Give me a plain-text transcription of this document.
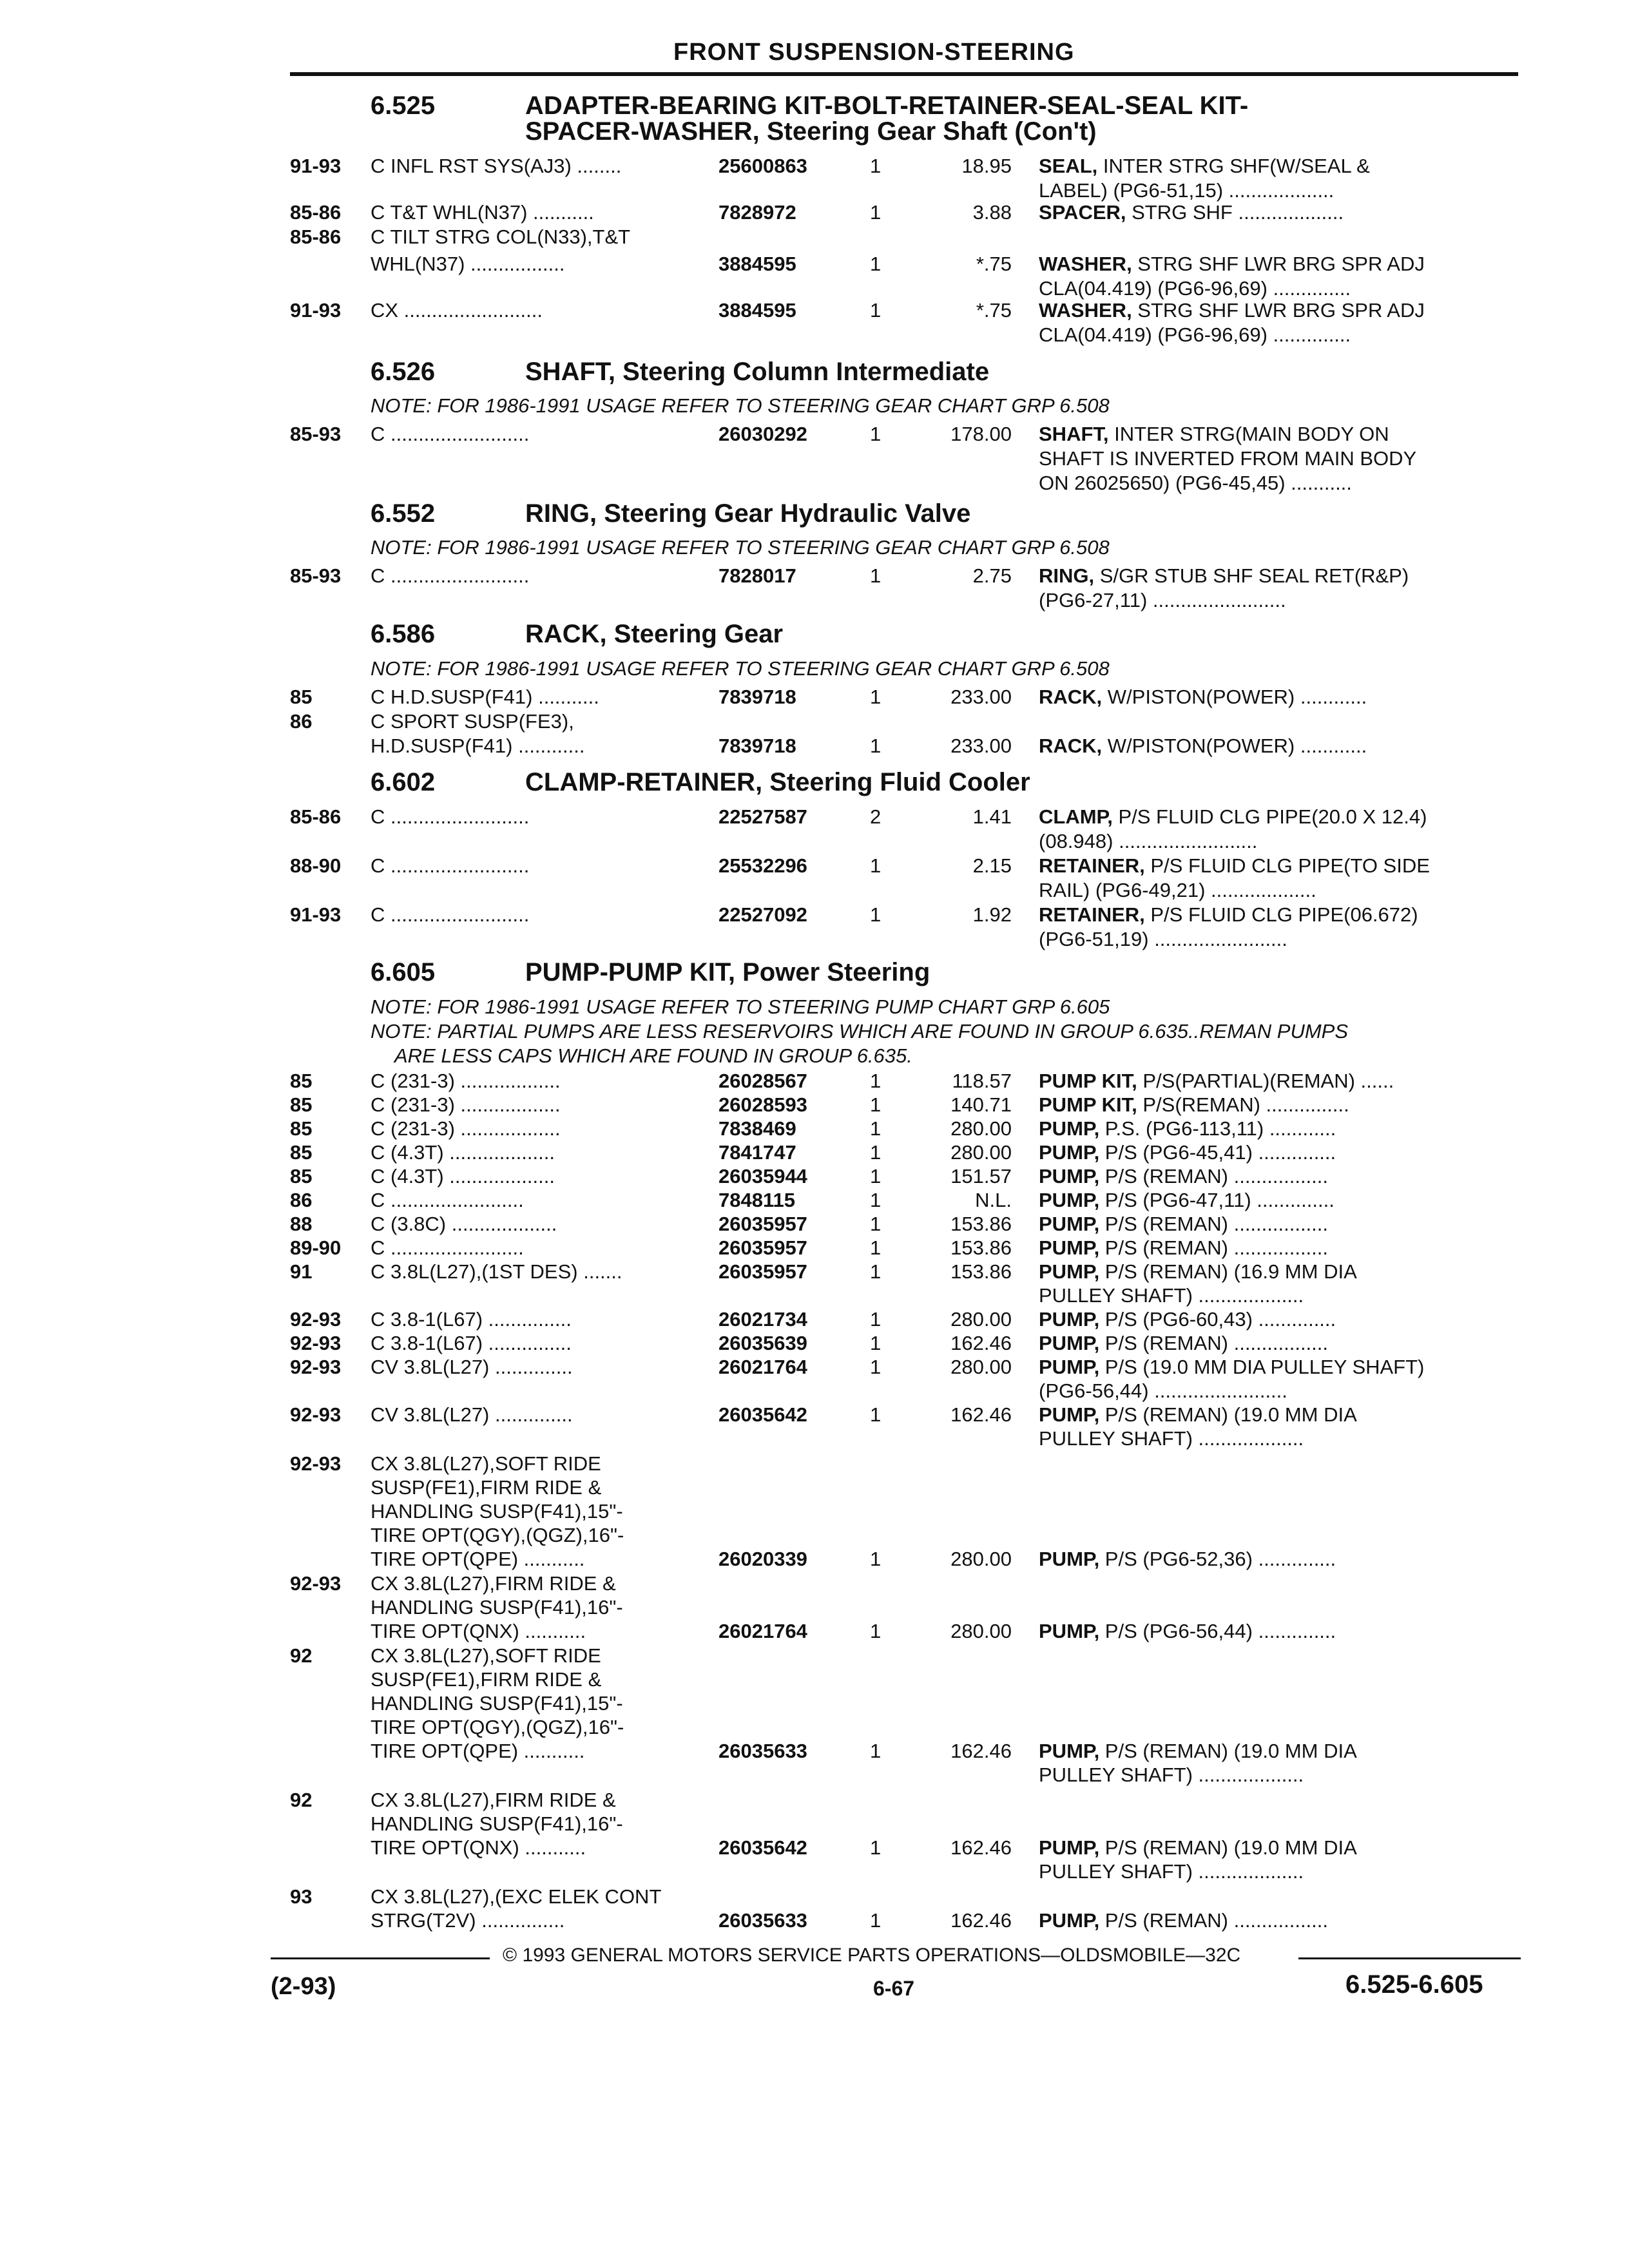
FRONT SUSPENSION-STEERING
6.525	ADAPTER-BEARING KIT-BOLT-RETAINER-SEAL-SEAL KIT-
SPACER-WASHER, Steering Gear Shaft (Con't)
6.526	SHAFT, Steering Column Intermediate
NOTE: FOR 1986-1991 USAGE REFER TO STEERING GEAR CHART GRP 6.508
6.552	RING, Steering Gear Hydraulic Valve
NOTE: FOR 1986-1991 USAGE REFER TO STEERING GEAR CHART GRP 6.508
6.586	RACK, Steering Gear
NOTE: FOR 1986-1991 USAGE REFER TO STEERING GEAR CHART GRP 6.508
6.602	CLAMP-RETAINER, Steering Fluid Cooler
6.605	PUMP-PUMP KIT, Power Steering
NOTE: FOR 1986-1991 USAGE REFER TO STEERING PUMP CHART GRP 6.605
NOTE: PARTIAL PUMPS ARE LESS RESERVOIRS WHICH ARE FOUND IN GROUP 6.635..REMAN PUMPS
ARE LESS CAPS WHICH ARE FOUND IN GROUP 6.635.
91-93 C INFL RST SYS(AJ3) ........	25600863	1	18.95 SEAL, INTER STRG SHF(W/SEAL &
LABEL) (PG6-51,15) ...................
85-86 C T&T WHL(N37) ...........	7828972	1	3.88 SPACER, STRG SHF ...................
85-86 C TILT STRG COL(N33),T&T
WHL(N37) .................	3884595	1	*.75 WASHER, STRG SHF LWR BRG SPR ADJ
CLA(04.419) (PG6-96,69) ..............
91-93 CX .........................	3884595	1	*.75 WASHER, STRG SHF LWR BRG SPR ADJ
CLA(04.419) (PG6-96,69) ..............
85-93 C .........................	26030292	1	178.00 SHAFT, INTER STRG(MAIN BODY ON
SHAFT IS INVERTED FROM MAIN BODY
ON 26025650) (PG6-45,45) ...........
85-93 C .........................	7828017	1	2.75 RING, S/GR STUB SHF SEAL RET(R&P)
(PG6-27,11) ........................
85	C H.D.SUSP(F41) ...........	7839718	1	233.00 RACK, W/PISTON(POWER) ............
86	C SPORT SUSP(FE3),
H.D.SUSP(F41) ............	7839718	1	233.00 RACK, W/PISTON(POWER) ............
85-86 C .........................	22527587	2	1.41 CLAMP, P/S FLUID CLG PIPE(20.0 X 12.4)
(08.948) .........................
88-90 C .........................	25532296	1	2.15 RETAINER, P/S FLUID CLG PIPE(TO SIDE
RAIL) (PG6-49,21) ...................
91-93 C .........................	22527092	1	1.92 RETAINER, P/S FLUID CLG PIPE(06.672)
(PG6-51,19) ........................
85	C (231-3) ..................	26028567	1	118.57 PUMP KIT, P/S(PARTIAL)(REMAN) ......
85	C (231-3) ..................	26028593	1	140.71 PUMP KIT, P/S(REMAN) ...............
85	C (231-3) ..................	7838469	1	280.00 PUMP, P.S. (PG6-113,11) ............
85	C (4.3T) ...................	7841747	1	280.00 PUMP, P/S (PG6-45,41) ..............
85	C (4.3T) ...................	26035944	1	151.57 PUMP, P/S (REMAN) .................
86	C ........................	7848115	1	N.L. PUMP, P/S (PG6-47,11) ..............
88	C (3.8C) ...................	26035957	1	153.86 PUMP, P/S (REMAN) .................
89-90 C ........................	26035957	1	153.86 PUMP, P/S (REMAN) .................
91	C 3.8L(L27),(1ST DES) .......	26035957	1	153.86 PUMP, P/S (REMAN) (16.9 MM DIA
PULLEY SHAFT) ...................
92-93 C 3.8-1(L67) ...............	26021734	1	280.00 PUMP, P/S (PG6-60,43) ..............
92-93 C 3.8-1(L67) ...............	26035639	1	162.46 PUMP, P/S (REMAN) .................
92-93 CV 3.8L(L27) ..............	26021764	1	280.00 PUMP, P/S (19.0 MM DIA PULLEY SHAFT)
(PG6-56,44) ........................
92-93 CV 3.8L(L27) ..............	26035642	1	162.46 PUMP, P/S (REMAN) (19.0 MM DIA
PULLEY SHAFT) ...................
92-93 CX 3.8L(L27),SOFT RIDE
SUSP(FE1),FIRM RIDE &
HANDLING SUSP(F41),15"-
TIRE OPT(QGY),(QGZ),16"-
TIRE OPT(QPE) ...........	26020339	1	280.00 PUMP, P/S (PG6-52,36) ..............
92-93 CX 3.8L(L27),FIRM RIDE &
HANDLING SUSP(F41),16"-
TIRE OPT(QNX) ...........	26021764	1	280.00 PUMP, P/S (PG6-56,44) ..............
92	CX 3.8L(L27),SOFT RIDE
SUSP(FE1),FIRM RIDE &
HANDLING SUSP(F41),15"-
TIRE OPT(QGY),(QGZ),16"-
TIRE OPT(QPE) ...........	26035633	1	162.46 PUMP, P/S (REMAN) (19.0 MM DIA
PULLEY SHAFT) ...................
92	CX 3.8L(L27),FIRM RIDE &
HANDLING SUSP(F41),16"-
TIRE OPT(QNX) ...........	26035642	1	162.46 PUMP, P/S (REMAN) (19.0 MM DIA
PULLEY SHAFT) ...................
93	CX 3.8L(L27),(EXC ELEK CONT
STRG(T2V) ...............	26035633	1	162.46 PUMP, P/S (REMAN) .................
© 1993 GENERAL MOTORS SERVICE PARTS OPERATIONS—OLDSMOBILE—32C
(2-93)	6-67	6.525-6.605
